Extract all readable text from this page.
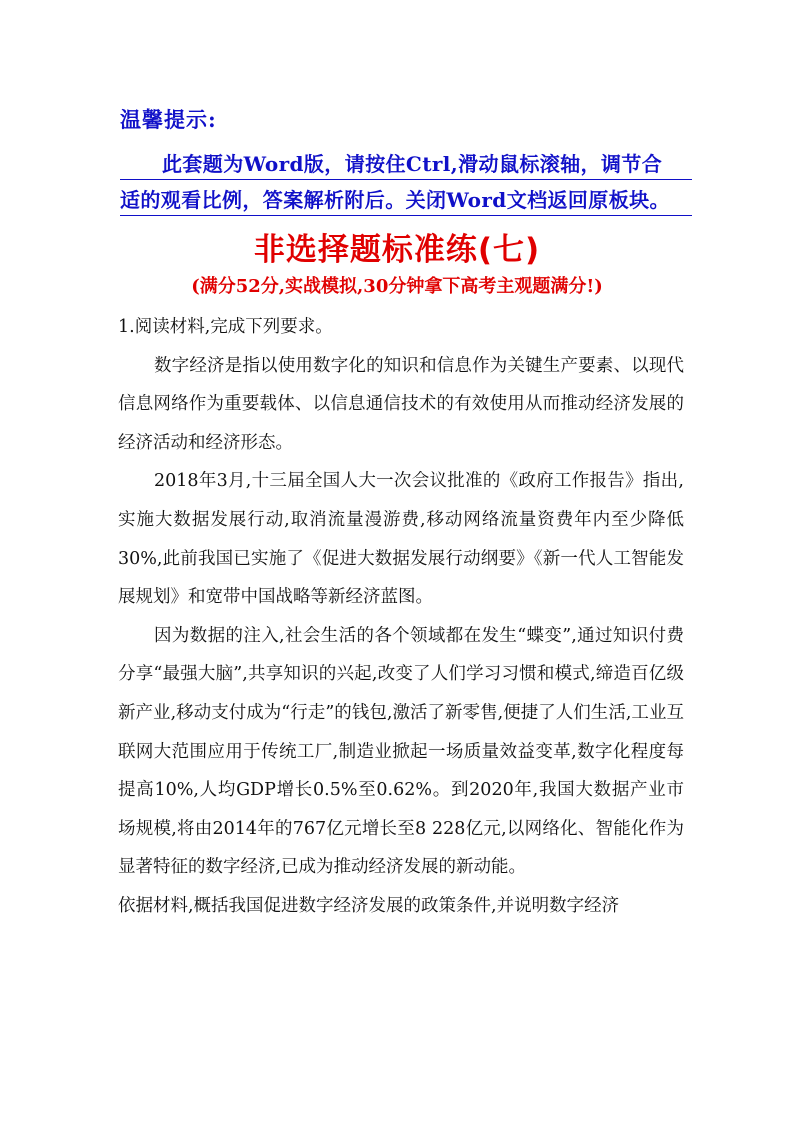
温馨提示:
此套题为Word版，请按住Ctrl,滑动鼠标滚轴，调节合
适的观看比例，答案解析附后。关闭Word文档返回原板块。
非选择题标准练(七)
(满分52分,实战模拟,30分钟拿下高考主观题满分!)

1.阅读材料,完成下列要求。

数字经济是指以使用数字化的知识和信息作为关键生产要素、以现代信息网络作为重要载体、以信息通信技术的有效使用从而推动经济发展的经济活动和经济形态。

2018年3月,十三届全国人大一次会议批准的《政府工作报告》指出,实施大数据发展行动,取消流量漫游费,移动网络流量资费年内至少降低30%,此前我国已实施了《促进大数据发展行动纲要》《新一代人工智能发展规划》和宽带中国战略等新经济蓝图。

因为数据的注入,社会生活的各个领域都在发生“蝶变”,通过知识付费分享“最强大脑”,共享知识的兴起,改变了人们学习习惯和模式,缔造百亿级新产业,移动支付成为“行走”的钱包,激活了新零售,便捷了人们生活,工业互联网大范围应用于传统工厂,制造业掀起一场质量效益变革,数字化程度每提高10%,人均GDP增长0.5%至0.62%。到2020年,我国大数据产业市场规模,将由2014年的767亿元增长至8 228亿元,以网络化、智能化作为显著特征的数字经济,已成为推动经济发展的新动能。

依据材料,概括我国促进数字经济发展的政策条件,并说明数字经济
